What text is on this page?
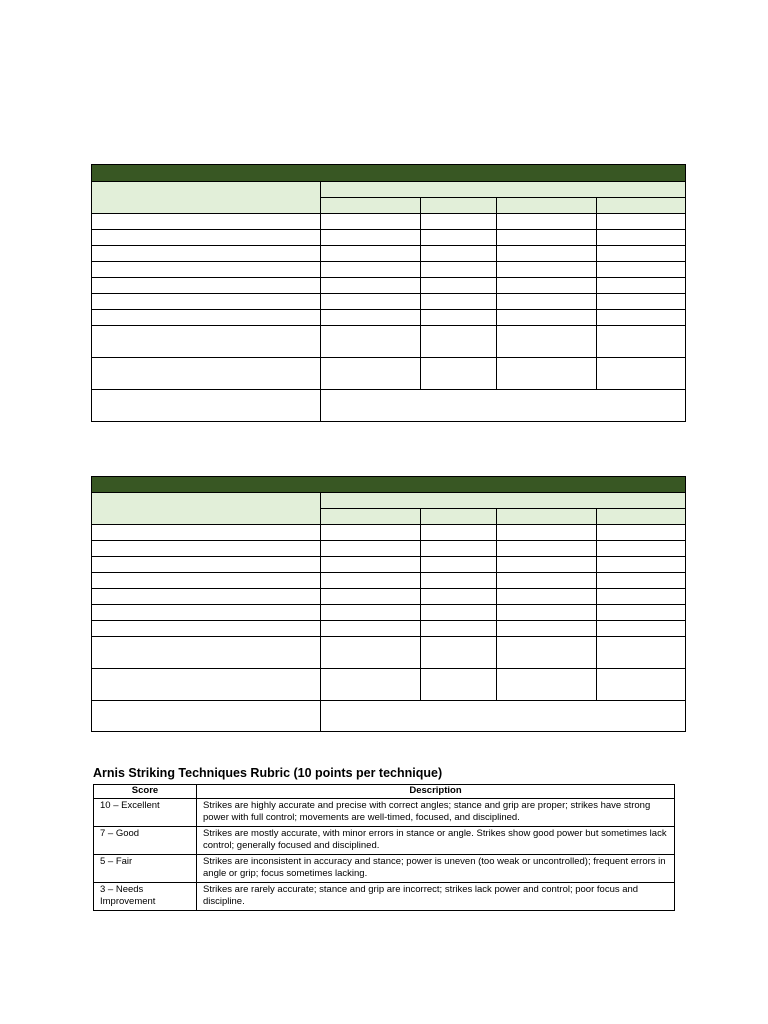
Arnis Striking Techniques Rubric (10 points per technique)
Score	Description
10 – Excellent	Strikes are highly accurate and precise with correct angles; stance and grip are proper; strikes have strong power with full control; movements are well-timed, focused, and disciplined.
7 – Good	Strikes are mostly accurate, with minor errors in stance or angle. Strikes show good power but sometimes lack control; generally focused and disciplined.
5 – Fair	Strikes are inconsistent in accuracy and stance; power is uneven (too weak or uncontrolled); frequent errors in angle or grip; focus sometimes lacking.
3 – Needs Improvement	Strikes are rarely accurate; stance and grip are incorrect; strikes lack power and control; poor focus and discipline.
